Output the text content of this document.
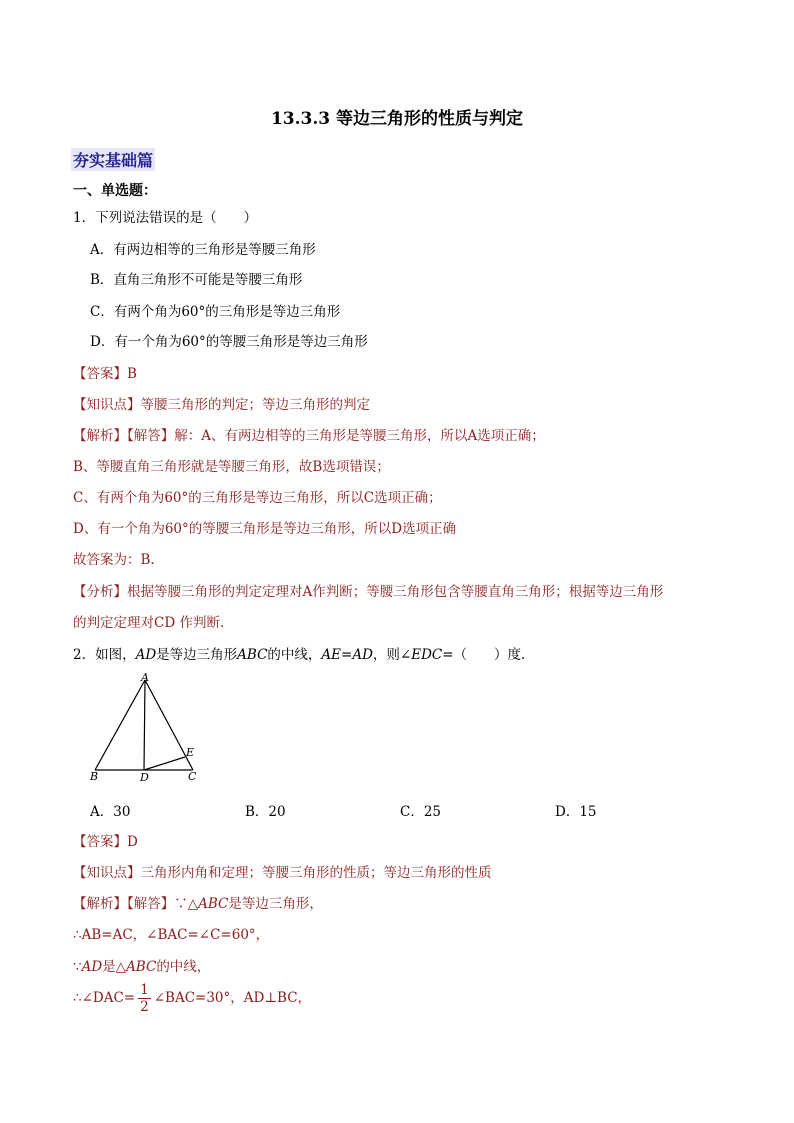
13.3.3 等边三角形的性质与判定
夯实基础篇
一、单选题：
1．下列说法错误的是（　　）
A．有两边相等的三角形是等腰三角形
B．直角三角形不可能是等腰三角形
C．有两个角为60°的三角形是等边三角形
D．有一个角为60°的等腰三角形是等边三角形
【答案】B
【知识点】等腰三角形的判定；等边三角形的判定
【解析】【解答】解：A、有两边相等的三角形是等腰三角形，所以A选项正确；
B、等腰直角三角形就是等腰三角形，故B选项错误；
C、有两个角为60°的三角形是等边三角形，所以C选项正确；
D、有一个角为60°的等腰三角形是等边三角形，所以D选项正确
故答案为：B.
【分析】根据等腰三角形的判定定理对A作判断；等腰三角形包含等腰直角三角形；根据等边三角形
的判定定理对CD 作判断.
2．如图，AD是等边三角形ABC的中线，AE=AD，则∠EDC=（　　）度．
A
B	C
D
E
A．30	B．20	C．25	D．15
【答案】D
【知识点】三角形内角和定理；等腰三角形的性质；等边三角形的性质
【解析】【解答】∵△ABC是等边三角形，
∴AB=AC，∠BAC=∠C=60°，
∵AD是△ABC的中线，
∴∠DAC= $\frac{1}{2}$ ∠BAC=30°，AD⊥BC，
